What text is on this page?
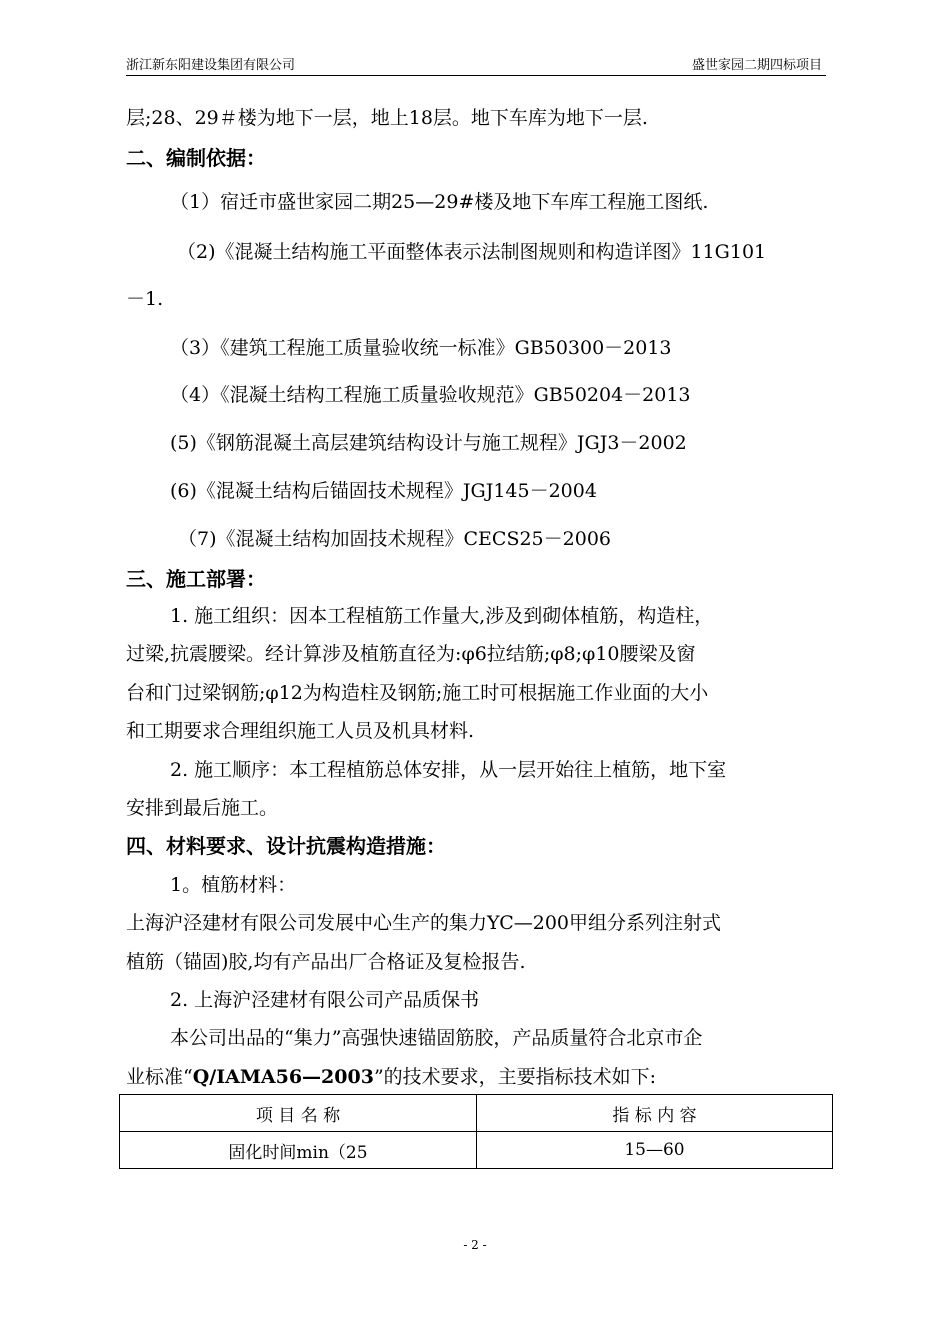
浙江新东阳建设集团有限公司	盛世家园二期四标项目
层;28、29＃楼为地下一层，地上18层。地下车库为地下一层.
二、编制依据：
（1）宿迁市盛世家园二期25—29#楼及地下车库工程施工图纸.
（2)《混凝土结构施工平面整体表示法制图规则和构造详图》11G101
－1.
（3）《建筑工程施工质量验收统一标准》GB50300－2013
（4）《混凝土结构工程施工质量验收规范》GB50204－2013
(5)《钢筋混凝土高层建筑结构设计与施工规程》JGJ3－2002
(6)《混凝土结构后锚固技术规程》JGJ145－2004
（7)《混凝土结构加固技术规程》CECS25－2006
三、施工部署：
1. 施工组织：因本工程植筋工作量大,涉及到砌体植筋，构造柱，
过梁,抗震腰梁。经计算涉及植筋直径为:φ6拉结筋;φ8;φ10腰梁及窗
台和门过梁钢筋;φ12为构造柱及钢筋;施工时可根据施工作业面的大小
和工期要求合理组织施工人员及机具材料.
2. 施工顺序：本工程植筋总体安排，从一层开始往上植筋，地下室
安排到最后施工。
四、材料要求、设计抗震构造措施：
1。植筋材料：
上海沪泾建材有限公司发展中心生产的集力YC—200甲组分系列注射式
植筋（锚固)胶,均有产品出厂合格证及复检报告.
2. 上海沪泾建材有限公司产品质保书
本公司出品的“集力”高强快速锚固筋胶，产品质量符合北京市企
业标准“Q/IAMA56—2003”的技术要求，主要指标技术如下:
项 目 名 称	指 标 内 容
固化时间min（25	15—60
- 2 -
